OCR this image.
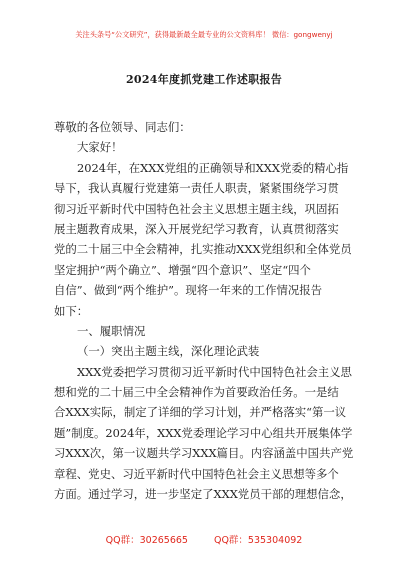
关注头条号“公文研究”，获得最新最全最专业的公文资料库！ 微信：gongwenyj
2024年度抓党建工作述职报告
尊敬的各位领导、同志们：
大家好！
2024年，在XXX党组的正确领导和XXX党委的精心指
导下，我认真履行党建第一责任人职责，紧紧围绕学习贯
彻习近平新时代中国特色社会主义思想主题主线，巩固拓
展主题教育成果，深入开展党纪学习教育，认真贯彻落实
党的二十届三中全会精神，扎实推动XXX党组织和全体党员
坚定拥护“两个确立”、增强“四个意识”、坚定“四个
自信”、做到“两个维护”。现将一年来的工作情况报告
如下：
一、履职情况
（一）突出主题主线，深化理论武装
XXX党委把学习贯彻习近平新时代中国特色社会主义思
想和党的二十届三中全会精神作为首要政治任务。一是结
合XXX实际，制定了详细的学习计划，并严格落实“第一议
题”制度。2024年，XXX党委理论学习中心组共开展集体学
习XXX次，第一议题共学习XXX篇目。内容涵盖中国共产党
章程、党史、习近平新时代中国特色社会主义思想等多个
方面。通过学习，进一步坚定了XXX党员干部的理想信念，
QQ群：30265665	QQ群：535304092
